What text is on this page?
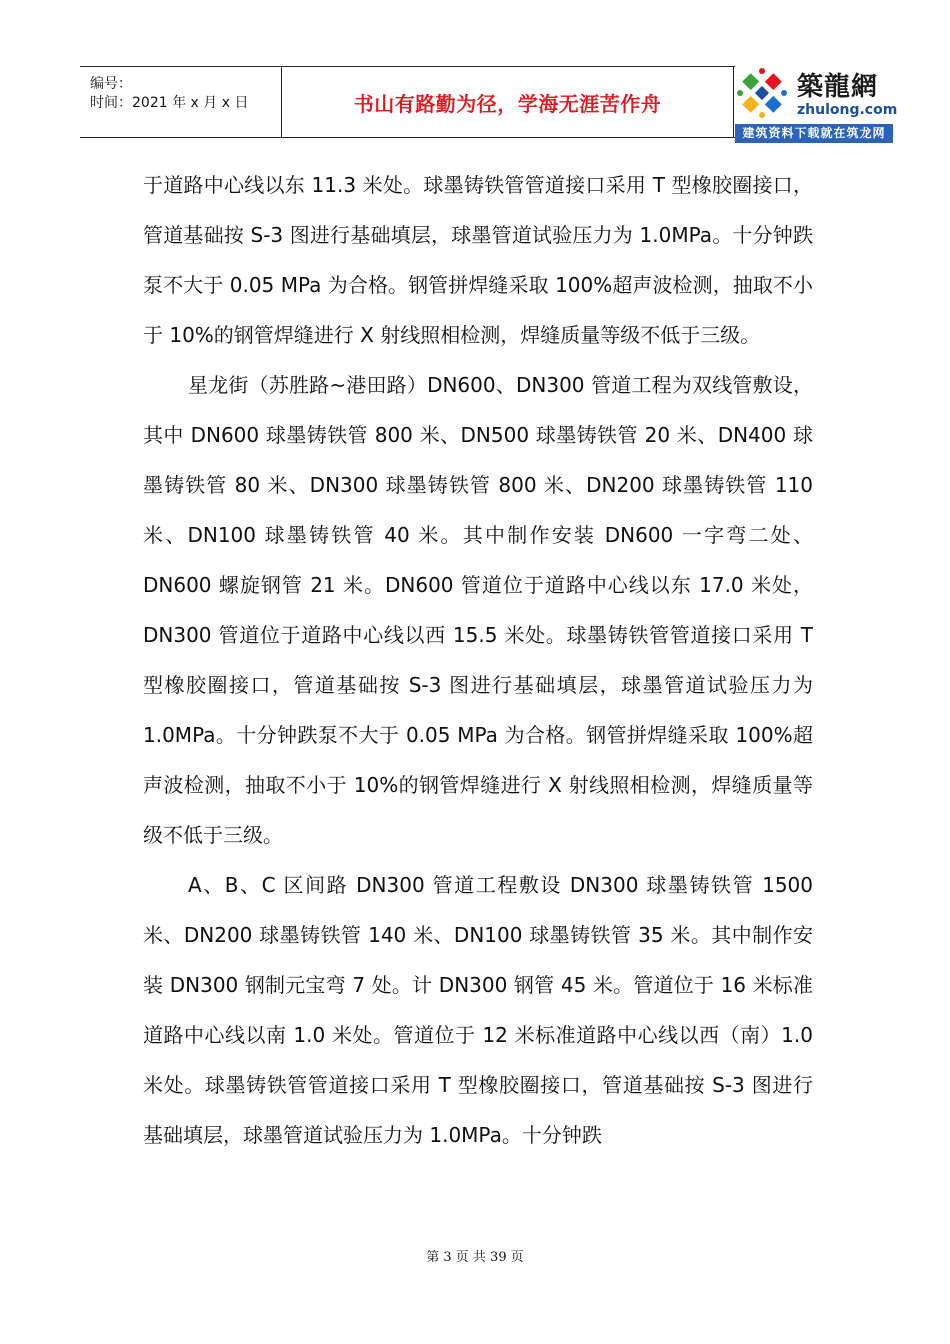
编号：
时间：2021 年 x 月 x 日	书山有路勤为径，学海无涯苦作舟
築龍網
zhulong.com
建筑资料下载就在筑龙网

于道路中心线以东 11.3 米处。球墨铸铁管管道接口采用 T 型橡胶圈接口，管道基础按 S-3 图进行基础填层，球墨管道试验压力为 1.0MPa。十分钟跌泵不大于 0.05 MPa 为合格。钢管拼焊缝采取 100%超声波检测，抽取不小于 10%的钢管焊缝进行 X 射线照相检测，焊缝质量等级不低于三级。

星龙街（苏胜路~港田路）DN600、DN300 管道工程为双线管敷设，其中 DN600 球墨铸铁管 800 米、DN500 球墨铸铁管 20 米、DN400 球墨铸铁管 80 米、DN300 球墨铸铁管 800 米、DN200 球墨铸铁管 110 米、DN100 球墨铸铁管 40 米。其中制作安装 DN600 一字弯二处、DN600 螺旋钢管 21 米。DN600 管道位于道路中心线以东 17.0 米处，DN300 管道位于道路中心线以西 15.5 米处。球墨铸铁管管道接口采用 T 型橡胶圈接口，管道基础按 S-3 图进行基础填层，球墨管道试验压力为 1.0MPa。十分钟跌泵不大于 0.05 MPa 为合格。钢管拼焊缝采取 100%超声波检测，抽取不小于 10%的钢管焊缝进行 X 射线照相检测，焊缝质量等级不低于三级。

A、B、C 区间路 DN300 管道工程敷设 DN300 球墨铸铁管 1500 米、DN200 球墨铸铁管 140 米、DN100 球墨铸铁管 35 米。其中制作安装 DN300 钢制元宝弯 7 处。计 DN300 钢管 45 米。管道位于 16 米标准道路中心线以南 1.0 米处。管道位于 12 米标准道路中心线以西（南）1.0 米处。球墨铸铁管管道接口采用 T 型橡胶圈接口，管道基础按 S-3 图进行基础填层，球墨管道试验压力为 1.0MPa。十分钟跌

第 3 页 共 39 页
